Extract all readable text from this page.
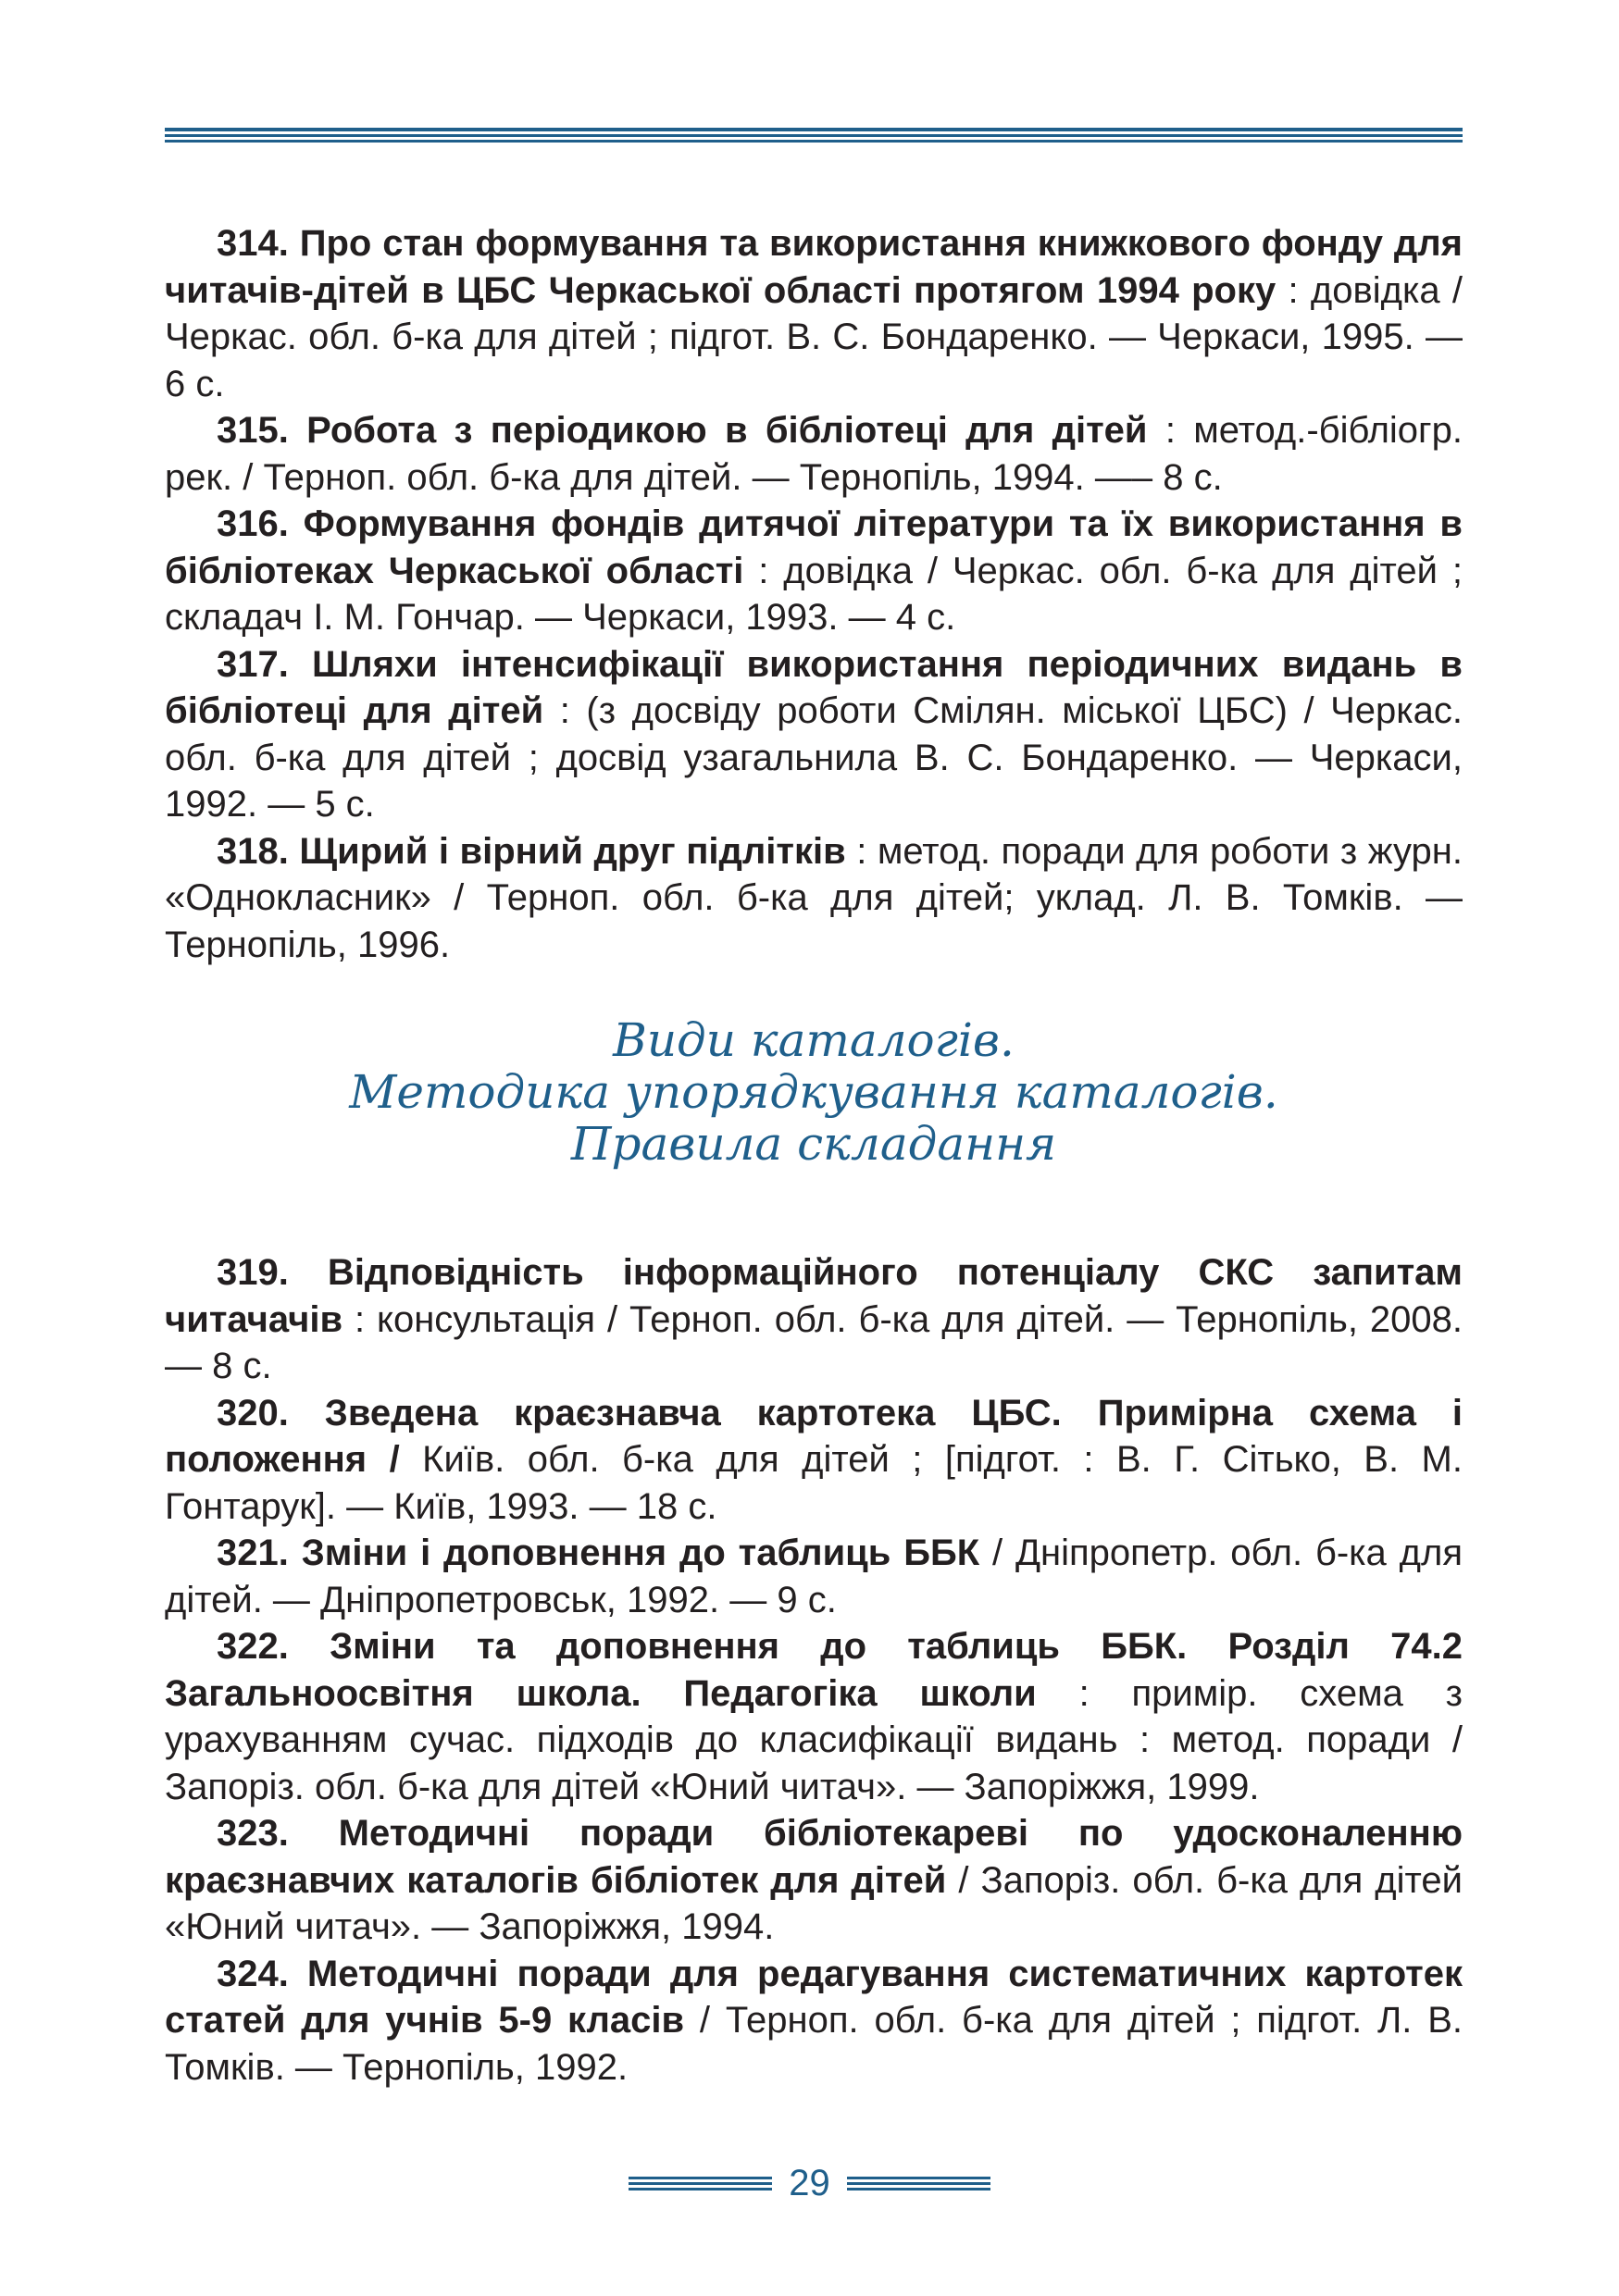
314. Про стан формування та використання книжкового фонду для читачів-дітей в ЦБС Черкаської області протягом 1994 року : довідка / Черкас. обл. б-ка для дітей ; підгот. В. С. Бондаренко. — Черкаси, 1995. — 6 с.

315. Робота з періодикою в бібліотеці для дітей : метод.-бібліогр. рек. / Терноп. обл. б-ка для дітей. — Тернопіль, 1994. —– 8 с.

316. Формування фондів дитячої літератури та їх використання в бібліотеках Черкаської області : довідка / Черкас. обл. б-ка для дітей ; складач І. М. Гончар. — Черкаси, 1993. — 4 с.

317. Шляхи інтенсифікації використання періодичних видань в бібліотеці для дітей : (з досвіду роботи Смілян. міської ЦБС) / Черкас. обл. б-ка для дітей ; досвід узагальнила В. С. Бондаренко. — Черкаси, 1992. — 5 с.

318. Щирий і вірний друг підлітків : метод. поради для роботи з журн. «Однокласник» / Терноп. обл. б-ка для дітей; уклад. Л. В. Томків. — Тернопіль, 1996.

Види каталогів.
Методика упорядкування каталогів.
Правила складання

319. Відповідність інформаційного потенціалу СКС запитам читачачів : консультація / Терноп. обл. б-ка для дітей. — Тернопіль, 2008. — 8 с.

320. Зведена краєзнавча картотека ЦБС. Примірна схема і положення / Київ. обл. б-ка для дітей ; [підгот. : В. Г. Сітько, В. М. Гонтарук]. — Київ, 1993. — 18 с.

321. Зміни і доповнення до таблиць ББК / Дніпропетр. обл. б-ка для дітей. — Дніпропетровськ, 1992. — 9 с.

322. Зміни та доповнення до таблиць ББК. Розділ 74.2 Загальноосвітня школа. Педагогіка школи : примір. схема з урахуванням сучас. підходів до класифікації видань : метод. поради / Запоріз. обл. б-ка для дітей «Юний читач». — Запоріжжя, 1999.

323. Методичні поради бібліотекареві по удосконаленню краєзнавчих каталогів бібліотек для дітей / Запоріз. обл. б-ка для дітей «Юний читач». — Запоріжжя, 1994.

324. Методичні поради для редагування систематичних картотек статей для учнів 5-9 класів / Терноп. обл. б-ка для дітей ; підгот. Л. В. Томків. — Тернопіль, 1992.

29
